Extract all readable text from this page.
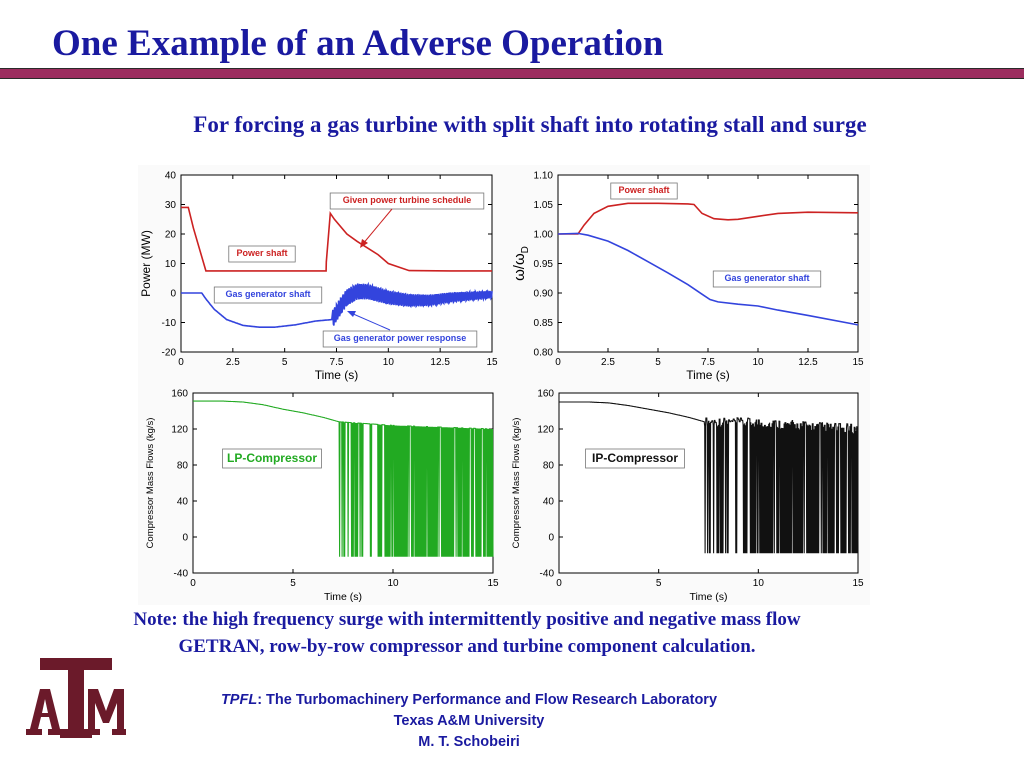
One Example of an Adverse Operation
For forcing a gas turbine with split shaft into rotating stall and surge
0	2.5	5	7.5	10	12.5	15
-20
-10
0
10
20
30
40
Time (s)
Power (MW)
0	2.5	5	7.5	10	12.5	15
0.80
0.85
0.90
0.95
1.00
1.05
1.10
Time (s)
$\omega/\omega_D$
0	5	10	15
-40
0
40
80
120
160
Time (s)
Compressor Mass Flows (kg/s)
0	5	10	15
-40
0
40
80
120
160
Time (s)
Compressor Mass Flows (kg/s)
Power shaft
Gas generator shaft
Given power turbine schedule
Gas generator power response
Power shaft
Gas generator shaft
LP-Compressor	IP-Compressor
Note: the high frequency surge with intermittently positive and negative mass flow
GETRAN, row-by-row compressor and turbine component calculation.
TPFL: The Turbomachinery Performance and Flow Research Laboratory
Texas A&M University
M. T. Schobeiri
